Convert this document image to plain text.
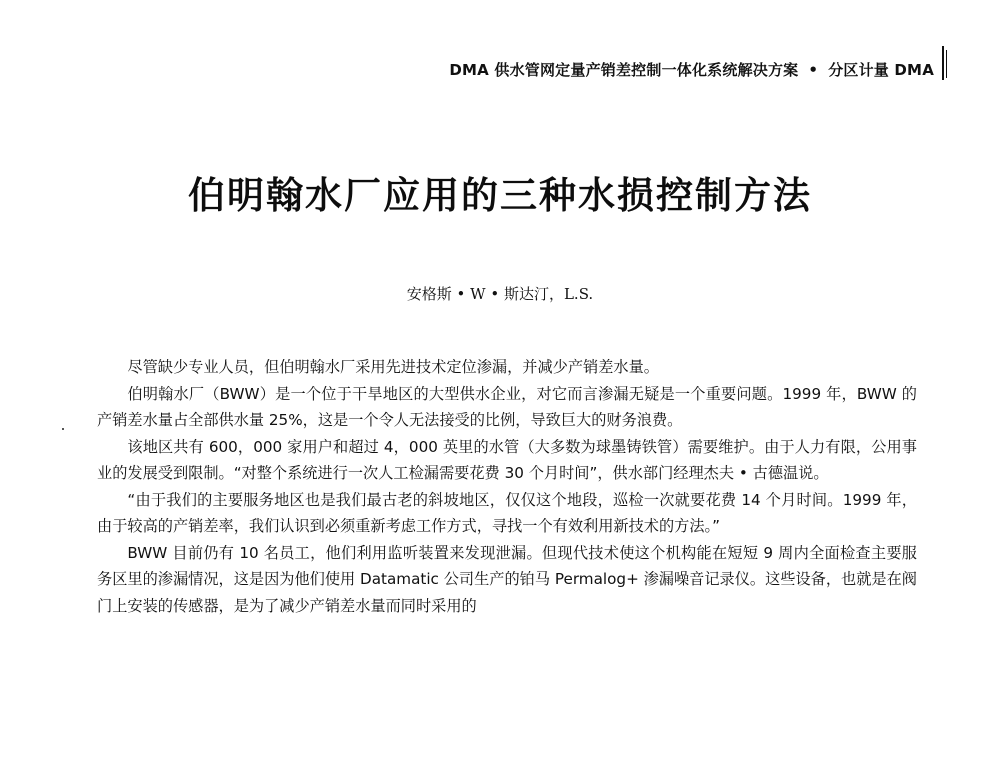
DMA 供水管网定量产销差控制一体化系统解决方案 • 分区计量 DMA
伯明翰水厂应用的三种水损控制方法
安格斯 • W • 斯达汀，L.S.

尽管缺少专业人员，但伯明翰水厂采用先进技术定位渗漏，并减少产销差水量。

伯明翰水厂（BWW）是一个位于干旱地区的大型供水企业，对它而言渗漏无疑是一个重要问题。1999 年，BWW 的产销差水量占全部供水量 25%，这是一个令人无法接受的比例，导致巨大的财务浪费。

该地区共有 600，000 家用户和超过 4，000 英里的水管（大多数为球墨铸铁管）需要维护。由于人力有限，公用事业的发展受到限制。“对整个系统进行一次人工检漏需要花费 30 个月时间”，供水部门经理杰夫 • 古德温说。

“由于我们的主要服务地区也是我们最古老的斜坡地区，仅仅这个地段，巡检一次就要花费 14 个月时间。1999 年，由于较高的产销差率，我们认识到必须重新考虑工作方式，寻找一个有效利用新技术的方法。”

BWW 目前仍有 10 名员工，他们利用监听装置来发现泄漏。但现代技术使这个机构能在短短 9 周内全面检查主要服务区里的渗漏情况，这是因为他们使用 Datamatic 公司生产的铂马 Permalog+ 渗漏噪音记录仪。这些设备，也就是在阀门上安装的传感器，是为了减少产销差水量而同时采用的
